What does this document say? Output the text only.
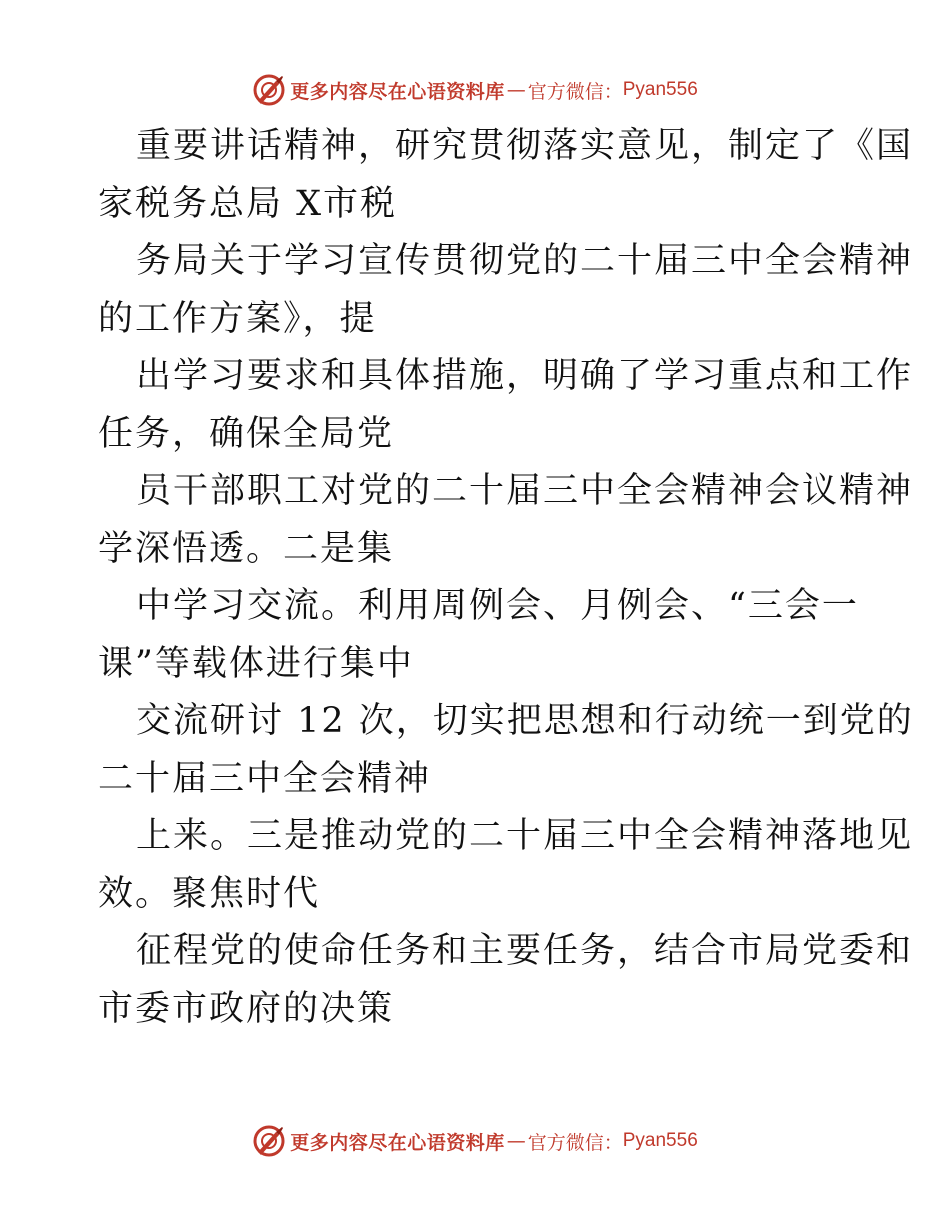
更多内容尽在心语资料库 — 官方微信： Pyan556
重要讲话精神，研究贯彻落实意见，制定了《国
家税务总局 X市税
务局关于学习宣传贯彻党的二十届三中全会精神
的工作方案》，提
出学习要求和具体措施，明确了学习重点和工作
任务，确保全局党
员干部职工对党的二十届三中全会精神会议精神
学深悟透。二是集
中学习交流。利用周例会、月例会、“三会一
课”等载体进行集中
交流研讨 12 次，切实把思想和行动统一到党的
二十届三中全会精神
上来。三是推动党的二十届三中全会精神落地见
效。聚焦时代
征程党的使命任务和主要任务，结合市局党委和
市委市政府的决策
更多内容尽在心语资料库 — 官方微信： Pyan556
